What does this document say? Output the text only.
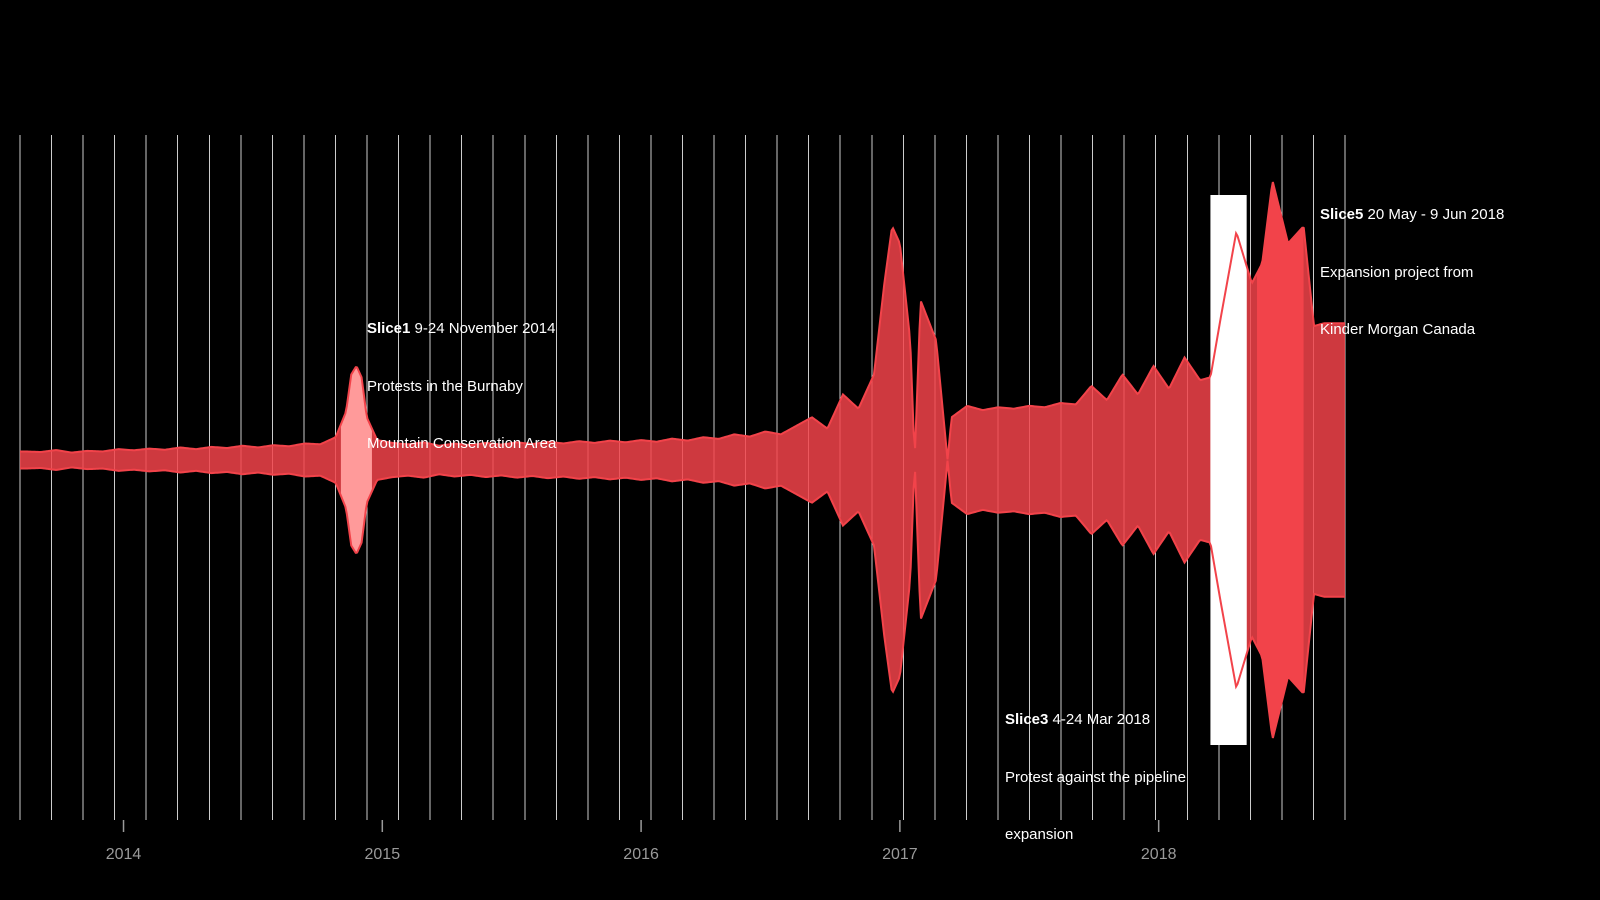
Slice1 9-24 November 2014

Protests in the Burnaby

Mountain Conservation Area

Slice3 4-24 Mar 2018

Protest against the pipeline

expansion

Slice5 20 May - 9 Jun 2018

Expansion project from

Kinder Morgan Canada

2014	2015	2016	2017	2018
